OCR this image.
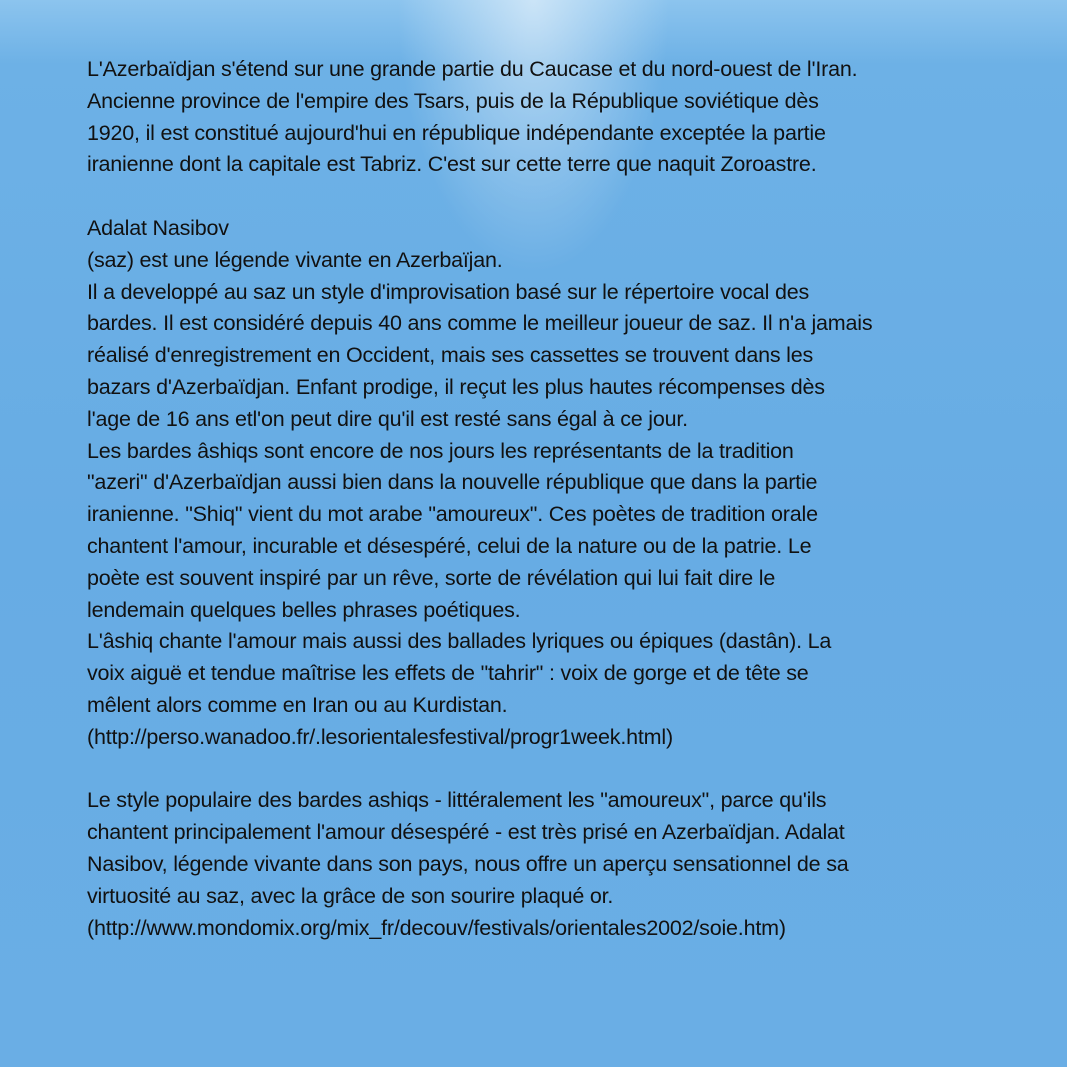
L'Azerbaïdjan s'étend sur une grande partie du Caucase et du nord-ouest de l'Iran.
Ancienne province de l'empire des Tsars, puis de la République soviétique dès
1920, il est constitué aujourd'hui en république indépendante exceptée la partie
iranienne dont la capitale est Tabriz. C'est sur cette terre que naquit Zoroastre.
Adalat Nasibov
(saz) est une légende vivante en Azerbaïjan.
Il a developpé au saz un style d'improvisation basé sur le répertoire vocal des
bardes. Il est considéré depuis 40 ans comme le meilleur joueur de saz. Il n'a jamais
réalisé d'enregistrement en Occident, mais ses cassettes se trouvent dans les
bazars d'Azerbaïdjan. Enfant prodige, il reçut les plus hautes récompenses dès
l'age de 16 ans etl'on peut dire qu'il est resté sans égal à ce jour.
Les bardes âshiqs sont encore de nos jours les représentants de la tradition
"azeri" d'Azerbaïdjan aussi bien dans la nouvelle république que dans la partie
iranienne. "Shiq" vient du mot arabe "amoureux". Ces poètes de tradition orale
chantent l'amour, incurable et désespéré, celui de la nature ou de la patrie. Le
poète est souvent inspiré par un rêve, sorte de révélation qui lui fait dire le
lendemain quelques belles phrases poétiques.
L'âshiq chante l'amour mais aussi des ballades lyriques ou épiques (dastân). La
voix aiguë et tendue maîtrise les effets de "tahrir" : voix de gorge et de tête se
mêlent alors comme en Iran ou au Kurdistan.
(http://perso.wanadoo.fr/.lesorientalesfestival/progr1week.html)
Le style populaire des bardes ashiqs - littéralement les "amoureux", parce qu'ils
chantent principalement l'amour désespéré - est très prisé en Azerbaïdjan. Adalat
Nasibov, légende vivante dans son pays, nous offre un aperçu sensationnel de sa
virtuosité au saz, avec la grâce de son sourire plaqué or.
(http://www.mondomix.org/mix_fr/decouv/festivals/orientales2002/soie.htm)
